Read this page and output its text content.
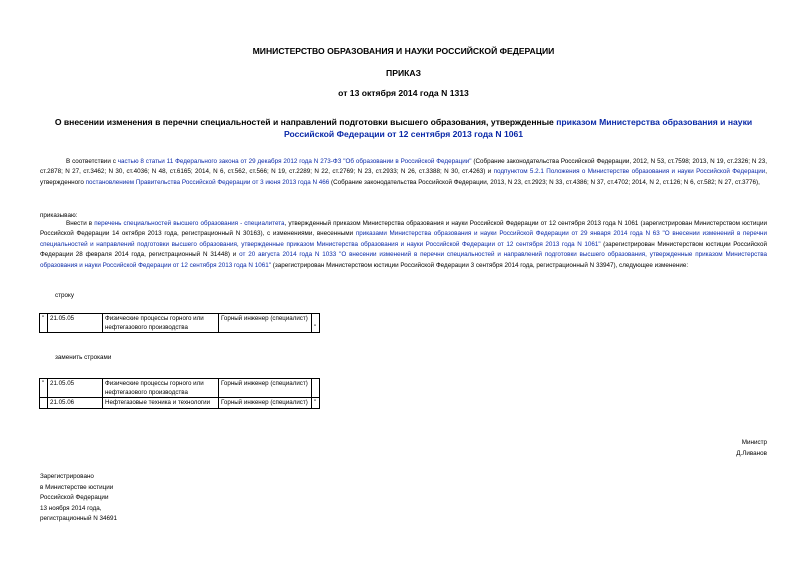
МИНИСТЕРСТВО ОБРАЗОВАНИЯ И НАУКИ РОССИЙСКОЙ ФЕДЕРАЦИИ
ПРИКАЗ
от 13 октября 2014 года N 1313
О внесении изменения в перечни специальностей и направлений подготовки высшего образования, утвержденные приказом Министерства образования и науки Российской Федерации от 12 сентября 2013 года N 1061
В соответствии с частью 8 статьи 11 Федерального закона от 29 декабря 2012 года N 273-ФЗ "Об образовании в Российской Федерации" (Собрание законодательства Российской Федерации, 2012, N 53, ст.7598; 2013, N 19, ст.2326; N 23, ст.2878; N 27, ст.3462; N 30, ст.4036; N 48, ст.6165; 2014, N 6, ст.562, ст.566; N 19, ст.2289; N 22, ст.2769; N 23, ст.2933; N 26, ст.3388; N 30, ст.4263) и подпунктом 5.2.1 Положения о Министерстве образования и науки Российской Федерации, утвержденного постановлением Правительства Российской Федерации от 3 июня 2013 года N 466 (Собрание законодательства Российской Федерации, 2013, N 23, ст.2923; N 33, ст.4386; N 37, ст.4702; 2014, N 2, ст.126; N 6, ст.582; N 27, ст.3776),
приказываю:
Внести в перечень специальностей высшего образования - специалитета, утвержденный приказом Министерства образования и науки Российской Федерации от 12 сентября 2013 года N 1061 (зарегистрирован Министерством юстиции Российской Федерации 14 октября 2013 года, регистрационный N 30163), с изменениями, внесенными приказами Министерства образования и науки Российской Федерации от 29 января 2014 года N 63 "О внесении изменений в перечни специальностей и направлений подготовки высшего образования, утвержденные приказом Министерства образования и науки Российской Федерации от 12 сентября 2013 года N 1061" (зарегистрирован Министерством юстиции Российской Федерации 28 февраля 2014 года, регистрационный N 31448) и от 20 августа 2014 года N 1033 "О внесении изменений в перечни специальностей и направлений подготовки высшего образования, утвержденные приказом Министерства образования и науки Российской Федерации от 12 сентября 2013 года N 1061" (зарегистрирован Министерством юстиции Российской Федерации 3 сентября 2014 года, регистрационный N 33947), следующее изменение:
строку
"	21.05.05	Физические процессы горного или нефтегазового производства	Горный инженер (специалист)	"
заменить строками
"	21.05.05	Физические процессы горного или нефтегазового производства	Горный инженер (специалист)	
	21.05.06	Нефтегазовые техника и технологии	Горный инженер (специалист)	"
Министр
Д.Ливанов
Зарегистрировано
в Министерстве юстиции
Российской Федерации
13 ноября 2014 года,
регистрационный N 34691
